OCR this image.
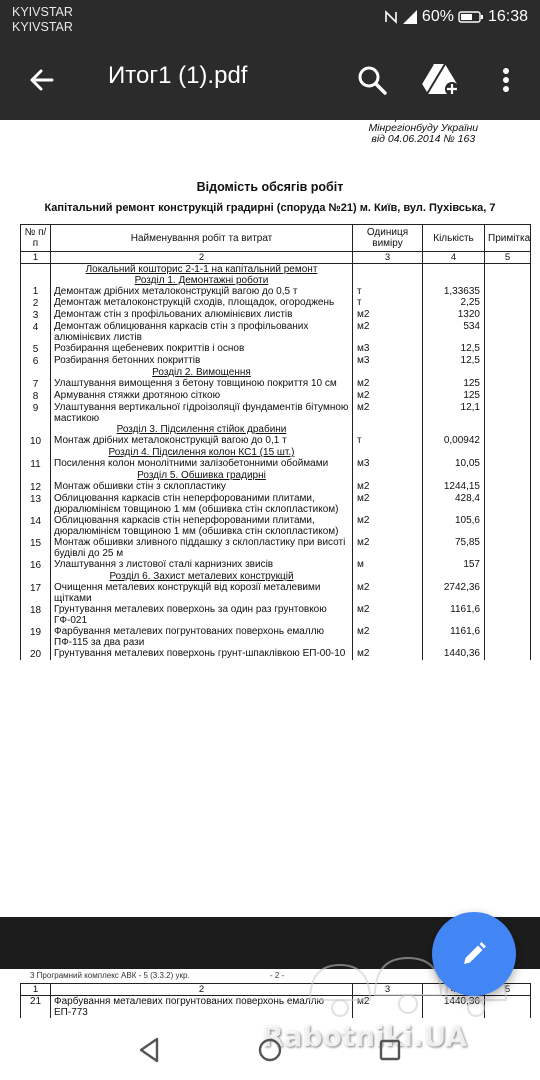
Мінрегіонбуду України
від 04.06.2014 № 163
Відомість обсягів робіт
Капітальний ремонт конструкцій градирні (споруда №21) м. Київ, вул. Пухівська, 7
№ п/п	Найменування робіт та витрат	Одиниця виміру	Кількість	Примітка
1	2	3	4	5
	Локальний кошторис 2-1-1 на капітальний ремонт			
	Розділ 1. Демонтажні роботи			
1	Демонтаж дрібних металоконструкцій вагою до 0,5 т	т	1,33635	
2	Демонтаж металоконструкцій сходів, площадок, огороджень	т	2,25	
3	Демонтаж стін з профільованих алюмінієвих листів	м2	1320	
4	Демонтаж облицювання каркасів стін з профільованих алюмінієвих листів	м2	534	
5	Розбирання щебеневих покриттів і основ	м3	12,5	
6	Розбирання бетонних покриттів	м3	12,5	
	Розділ 2. Вимощення			
7	Улаштування вимощення з бетону товщиною покриття 10 см	м2	125	
8	Армування стяжки дротяною сіткою	м2	125	
9	Улаштування вертикальної гідроізоляції фундаментів бітумною мастикою	м2	12,1	
	Розділ 3. Підсилення стійок драбини			
10	Монтаж дрібних металоконструкцій вагою до 0,1 т	т	0,00942	
	Розділ 4. Підсилення колон КС1 (15 шт.)			
11	Посилення колон монолітними залізобетонними обоймами	м3	10,05	
	Розділ 5. Обшивка градирні			
12	Монтаж обшивки стін з склопластику	м2	1244,15	
13	Облицювання каркасів стін неперфорованими плитами, дюралюмінієм товщиною 1 мм (обшивка стін склопластиком)	м2	428,4	
14	Облицювання каркасів стін неперфорованими плитами, дюралюмінієм товщиною 1 мм (обшивка стін склопластиком)	м2	105,6	
15	Монтаж обшивки зливного піддашку з склопластику при висоті будівлі до 25 м	м2	75,85	
16	Улаштування з листової сталі карнизних звисів	м	157	
	Розділ 6. Захист металевих конструкцій			
17	Очищення металевих конструкцій від корозії металевими щітками	м2	2742,36	
18	Грунтування металевих поверхонь за один раз грунтовкою ГФ-021	м2	1161,6	
19	Фарбування металевих погрунтованих поверхонь емаллю ПФ-115 за два рази	м2	1161,6	
20	Грунтування металевих поверхонь грунт-шпаклівкою ЕП-00-10	м2	1440,36	
3 Програмний комплекс АВК - 5 (3.3.2) укр.	- 2 -
1	2	3		5
21	Фарбування металевих погрунтованих поверхонь емаллю ЕП-773	м2	1440,36	
KYIVSTAR
KYIVSTAR
60% 16:38
Итог1 (1).pdf
Rabotniki.UA
